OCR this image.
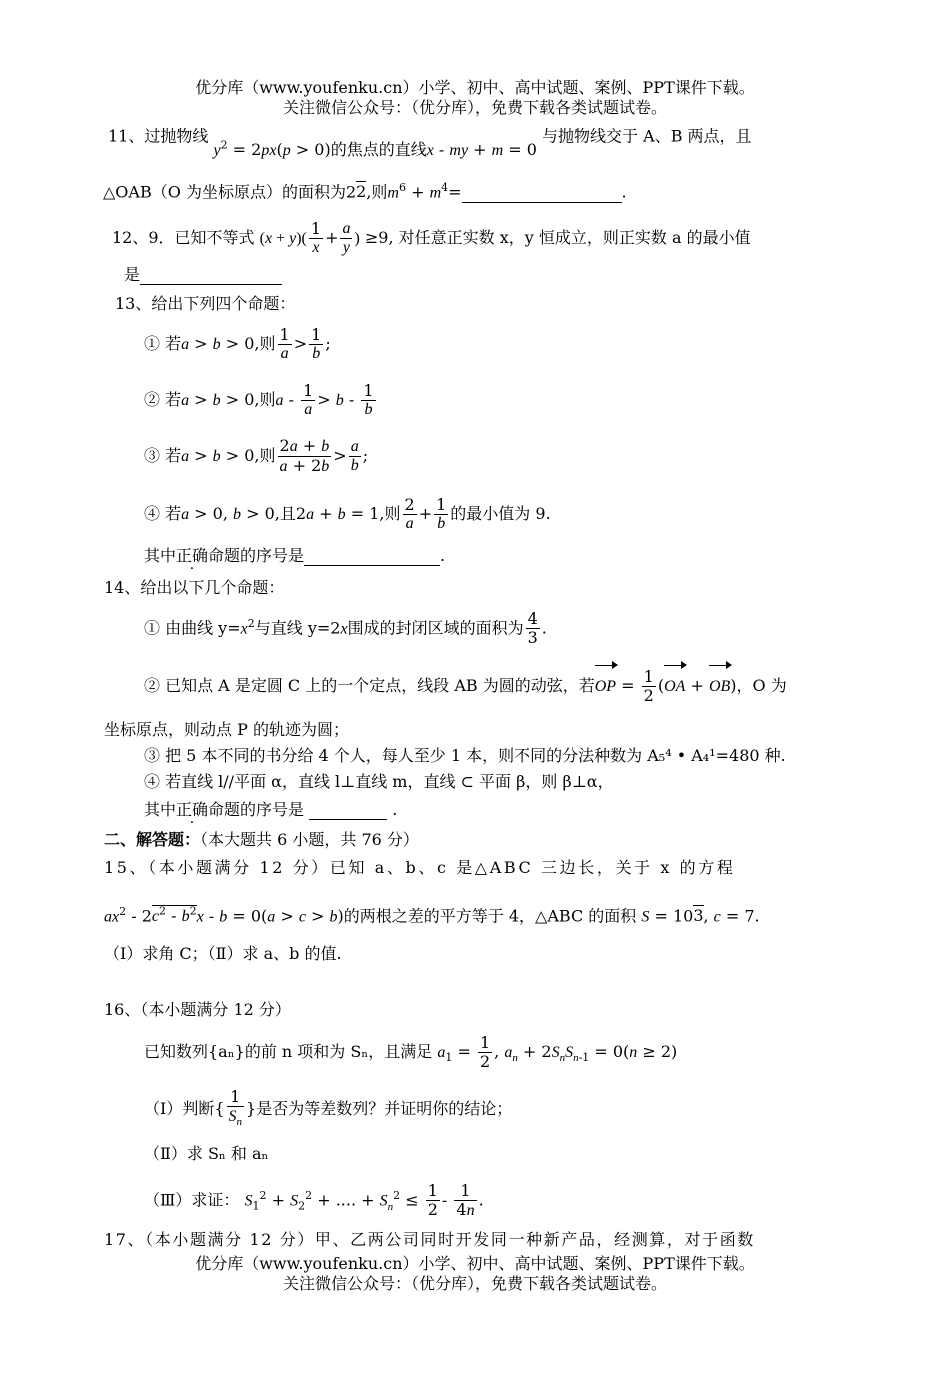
优分库（www.youfenku.cn）小学、初中、高中试题、案例、PPT课件下载。
关注微信公众号：（优分库），免费下载各类试题试卷。
11、过抛物线 $y^2 = 2px(p > 0)$的焦点的直线x - my + m = 0 与抛物线交于 A、B 两点，且
△OAB（O 为坐标原点）的面积为22,则$m^6 + m^4=$	.
12、9．已知不等式 $(x + y)( \frac{1}{x} + \frac{a}{y}$ ) ≥9, 对任意正实数 x，y 恒成立，则正实数 a 的最小值
是
13、给出下列四个命题：
① 若a > b > 0,则 $\frac{1}{a} > \frac{1}{b}$ ;
② 若a > b > 0,则$a - \frac{1}{a} > b - \frac{1}{b}$
③ 若a > b > 0,则 $\frac{2a + b}{a + 2b} > \frac{a}{b}$ ;
④ 若a > 0, b > 0,且2a + b = 1,则 $\frac{2}{a} + \frac{1}{b}$ 的最小值为 9.
其中正确命题的序号是	.
14、给出以下几个命题：
① 由曲线 $y=x^2$与直线 y=2x围成的封闭区域的面积为 $\frac{4}{3}$ .
② 已知点 A 是定圆 C 上的一个定点，线段 AB 为圆的动弦，若OP = $\frac{1}{2} (OA + OB)$，O 为
坐标原点，则动点 P 的轨迹为圆；
③ 把 5 本不同的书分给 4 个人，每人至少 1 本，则不同的分法种数为 A₅⁴ • A₄¹=480 种.
④ 若直线 l//平面 α，直线 l⊥直线 m，直线 ⊂ 平面 β，则 β⊥α，
其中正确命题的序号是	.
二、解答题：（本大题共 6 小题，共 76 分）
15、（本小题满分 12 分）已知 a、b、c 是△ABC 三边长，关于 x 的方程
$ax^2 - 2c^2 - b^2x - b = 0(a > c > b)$的两根之差的平方等于 4，△ABC 的面积 S = 103, c = 7.
（Ⅰ）求角 C；（Ⅱ）求 a、b 的值.
16、（本小题满分 12 分）
已知数列{aₙ}的前 n 项和为 Sₙ，且满足 $a_1 = \frac{1}{2}$ , $a_n + 2S_nS_{n-1} = 0(n \ge 2)$
（Ⅰ）判断{ $\frac{1}{S_n}$ }是否为等差数列？并证明你的结论；
（Ⅱ）求 Sₙ 和 aₙ
（Ⅲ）求证： $S_1^2 + S_2^2$ + .... + $S_n^2 \le \frac{1}{2} - \frac{1}{4n}$ .
17、（本小题满分 12 分）甲、乙两公司同时开发同一种新产品，经测算，对于函数
优分库（www.youfenku.cn）小学、初中、高中试题、案例、PPT课件下载。
关注微信公众号：（优分库），免费下载各类试题试卷。
